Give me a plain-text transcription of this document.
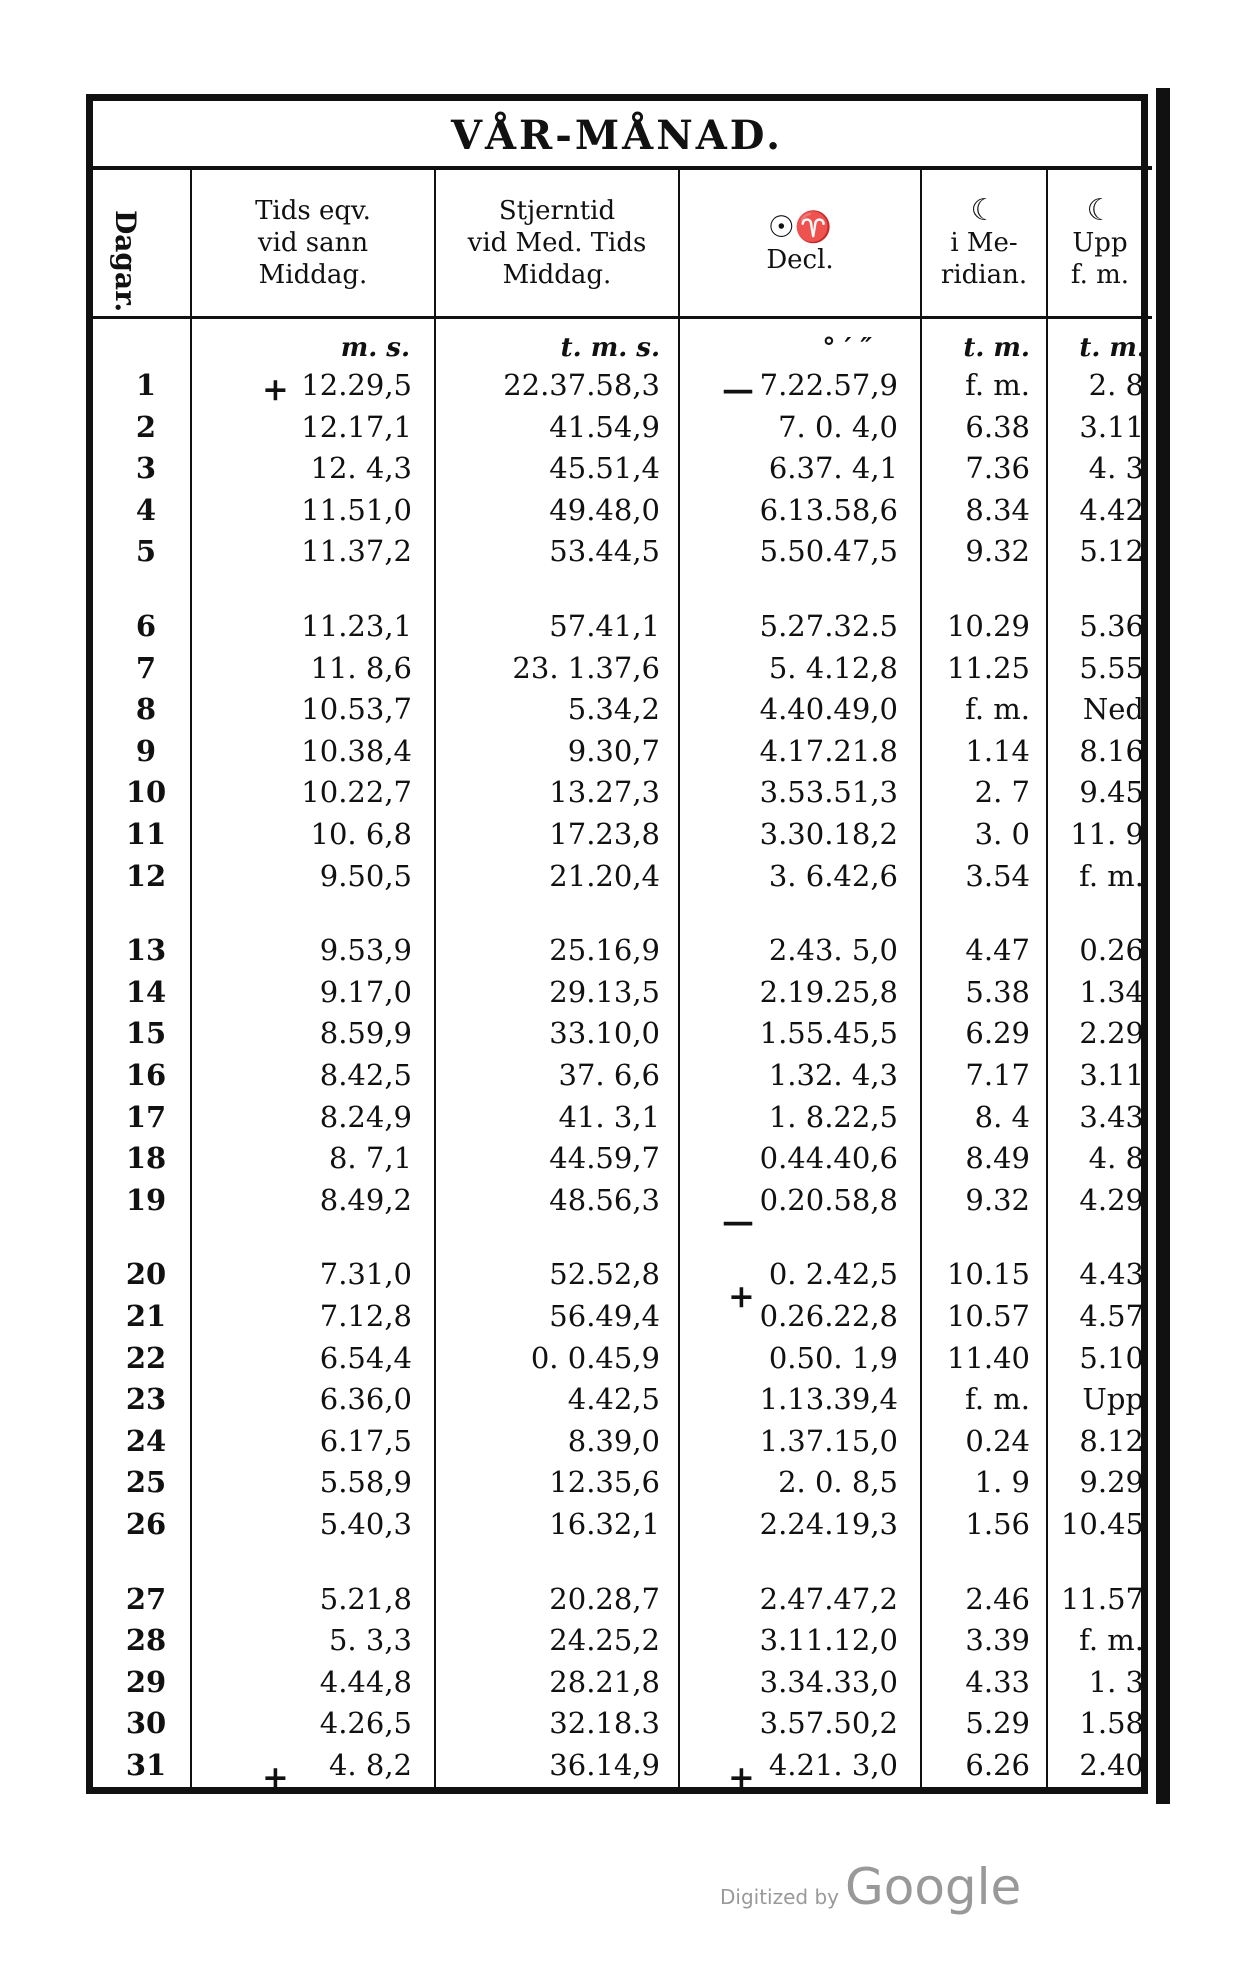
VÅR-MÅNAD.
Dagar.	Tids eqv.
vid sann
Middag.
Stjerntid
vid Med. Tids
Middag.
☉♈
Decl.
☾
i Me-
ridian.
☾
Upp
f. m.
m. s.	t. m. s.	° ′ ″	t. m.	t. m.
1	12.29,5	22.37.58,3	7.22.57,9	f. m.	2. 8
2	12.17,1	41.54,9	7. 0. 4,0	6.38	3.11
3	12. 4,3	45.51,4	6.37. 4,1	7.36	4. 3
4	11.51,0	49.48,0	6.13.58,6	8.34	4.42
5	11.37,2	53.44,5	5.50.47,5	9.32	5.12
6	11.23,1	57.41,1	5.27.32.5	10.29	5.36
7	11. 8,6	23. 1.37,6	5. 4.12,8	11.25	5.55
8	10.53,7	5.34,2	4.40.49,0	f. m.	Ned
9	10.38,4	9.30,7	4.17.21.8	1.14	8.16
10	10.22,7	13.27,3	3.53.51,3	2. 7	9.45
11	10. 6,8	17.23,8	3.30.18,2	3. 0	11. 9
12	9.50,5	21.20,4	3. 6.42,6	3.54	f. m.
13	9.53,9	25.16,9	2.43. 5,0	4.47	0.26
14	9.17,0	29.13,5	2.19.25,8	5.38	1.34
15	8.59,9	33.10,0	1.55.45,5	6.29	2.29
16	8.42,5	37. 6,6	1.32. 4,3	7.17	3.11
17	8.24,9	41. 3,1	1. 8.22,5	8. 4	3.43
18	8. 7,1	44.59,7	0.44.40,6	8.49	4. 8
19	8.49,2	48.56,3	0.20.58,8	9.32	4.29
20	7.31,0	52.52,8	0. 2.42,5	10.15	4.43
21	7.12,8	56.49,4	0.26.22,8	10.57	4.57
22	6.54,4	0. 0.45,9	0.50. 1,9	11.40	5.10
23	6.36,0	4.42,5	1.13.39,4	f. m.	Upp
24	6.17,5	8.39,0	1.37.15,0	0.24	8.12
25	5.58,9	12.35,6	2. 0. 8,5	1. 9	9.29
26	5.40,3	16.32,1	2.24.19,3	1.56	10.45
27	5.21,8	20.28,7	2.47.47,2	2.46	11.57
28	5. 3,3	24.25,2	3.11.12,0	3.39	f. m.
29	4.44,8	28.21,8	3.34.33,0	4.33	1. 3
30	4.26,5	32.18.3	3.57.50,2	5.29	1.58
31	4. 8,2	36.14,9	4.21. 3,0	6.26	2.40
+
+
—
—
+
+
Digitized by Google
